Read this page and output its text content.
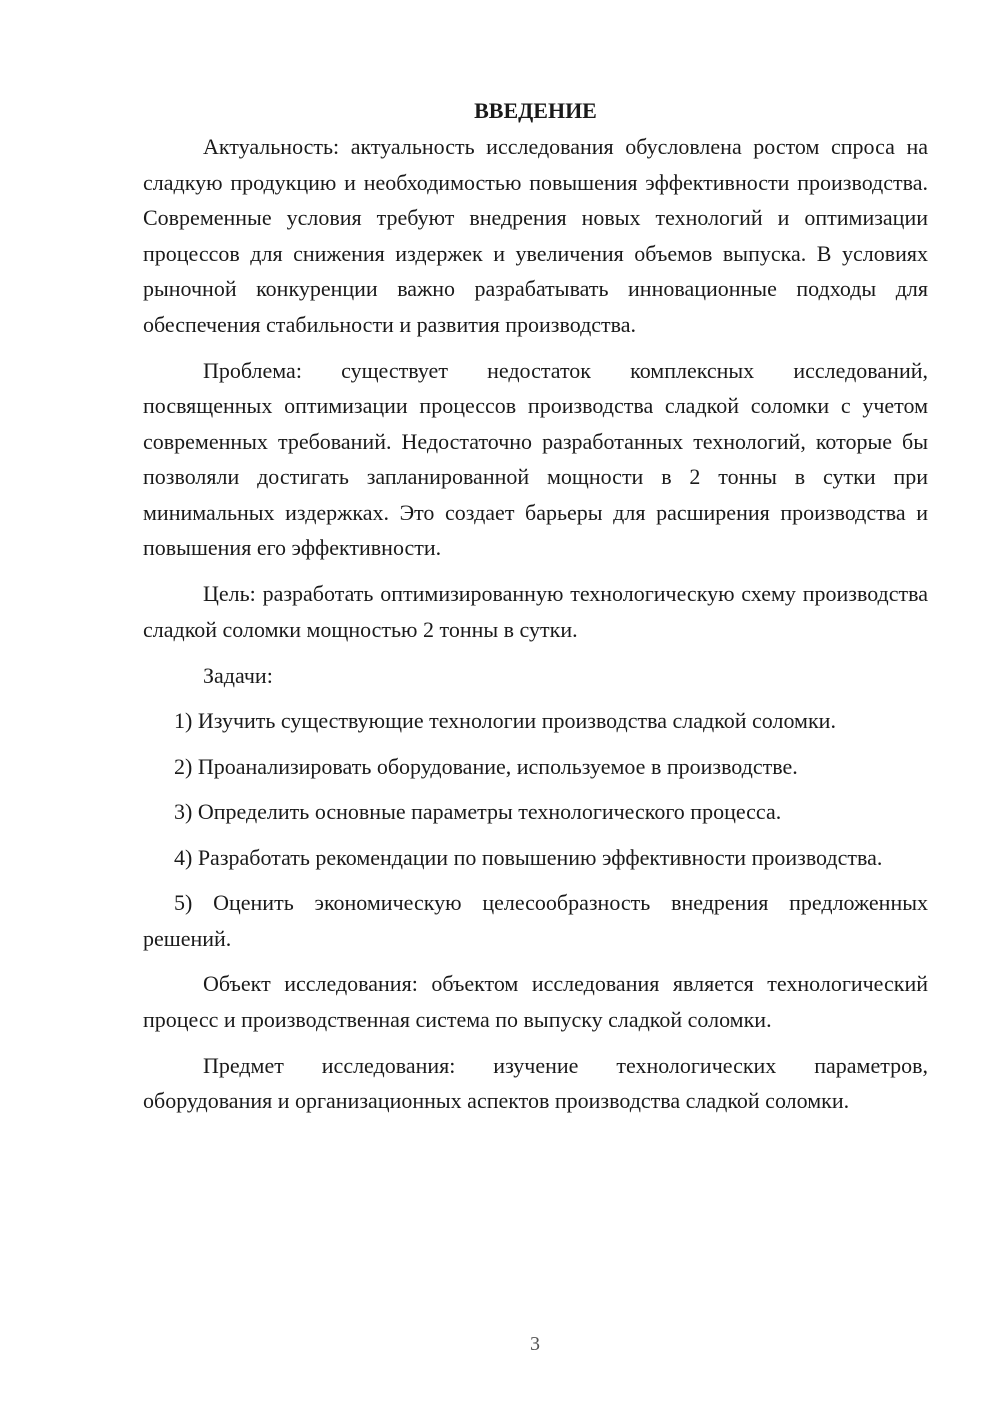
ВВЕДЕНИЕ

Актуальность: актуальность исследования обусловлена ростом спроса на сладкую продукцию и необходимостью повышения эффективности производства. Современные условия требуют внедрения новых технологий и оптимизации процессов для снижения издержек и увеличения объемов выпуска. В условиях рыночной конкуренции важно разрабатывать инновационные подходы для обеспечения стабильности и развития производства.

Проблема: существует недостаток комплексных исследований, посвященных оптимизации процессов производства сладкой соломки с учетом современных требований. Недостаточно разработанных технологий, которые бы позволяли достигать запланированной мощности в 2 тонны в сутки при минимальных издержках. Это создает барьеры для расширения производства и повышения его эффективности.

Цель: разработать оптимизированную технологическую схему производства сладкой соломки мощностью 2 тонны в сутки.

Задачи:

1) Изучить существующие технологии производства сладкой соломки.

2) Проанализировать оборудование, используемое в производстве.

3) Определить основные параметры технологического процесса.

4) Разработать рекомендации по повышению эффективности производства.

5) Оценить экономическую целесообразность внедрения предложенных решений.

Объект исследования: объектом исследования является технологический процесс и производственная система по выпуску сладкой соломки.

Предмет исследования: изучение технологических параметров, оборудования и организационных аспектов производства сладкой соломки.

3
